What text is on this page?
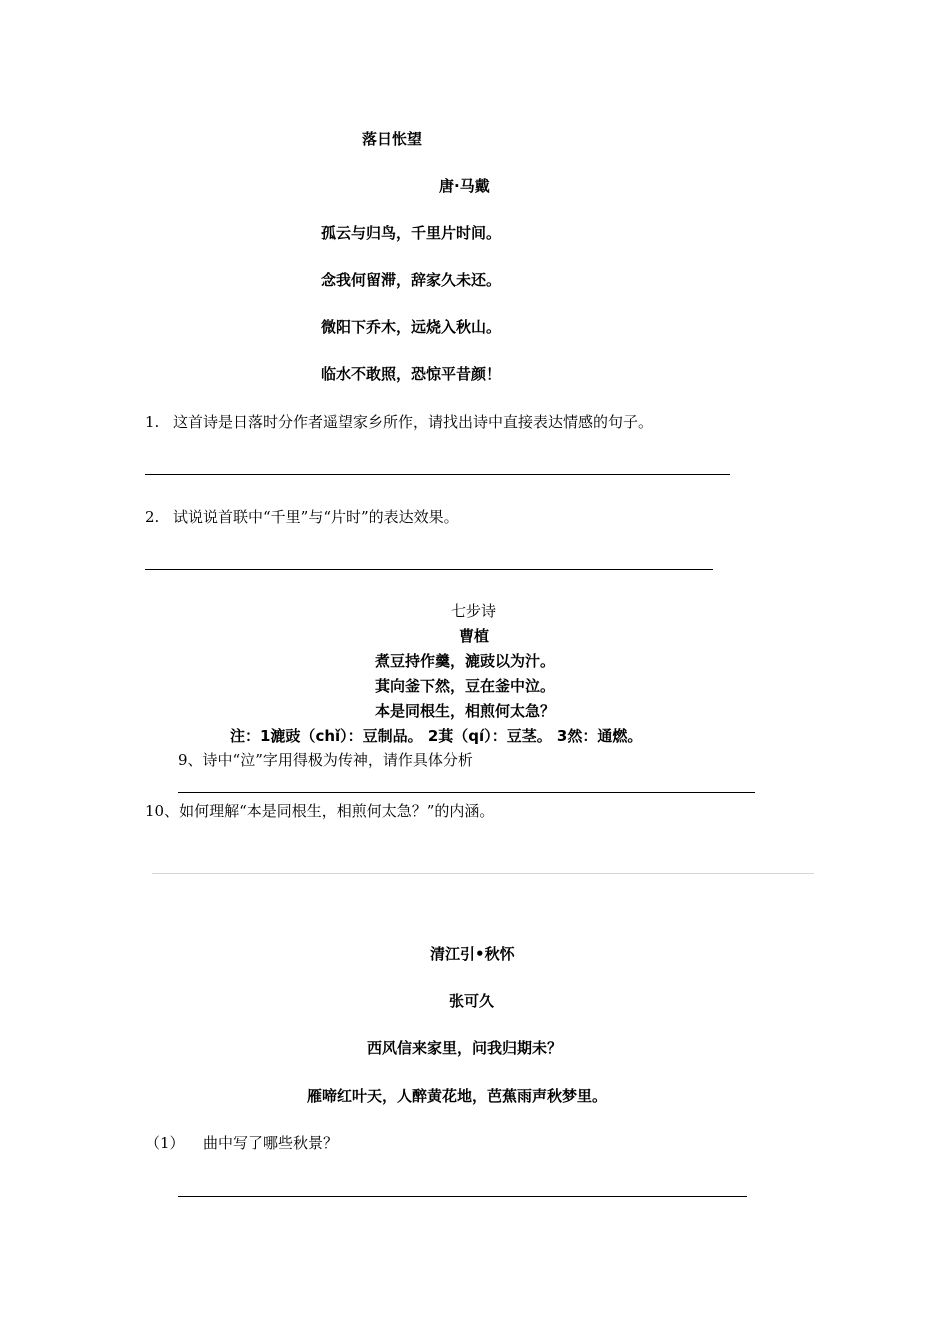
落日怅望
唐·马戴
孤云与归鸟，千里片时间。
念我何留滞，辞家久未还。
微阳下乔木，远烧入秋山。
临水不敢照，恐惊平昔颜！
1. 这首诗是日落时分作者遥望家乡所作，请找出诗中直接表达情感的句子。
2. 试说说首联中“千里”与“片时”的表达效果。
七步诗
曹植
煮豆持作羹，漉豉以为汁。
萁向釜下然，豆在釜中泣。
本是同根生，相煎何太急？
注：1漉豉（chǐ）：豆制品。 2萁（qí）：豆茎。 3然：通燃。
9、诗中“泣”字用得极为传神，请作具体分析
10、如何理解“本是同根生，相煎何太急？”的内涵。
清江引•秋怀
张可久
西风信来家里，问我归期未？
雁啼红叶天，人醉黄花地，芭蕉雨声秋梦里。
（1） 曲中写了哪些秋景？
